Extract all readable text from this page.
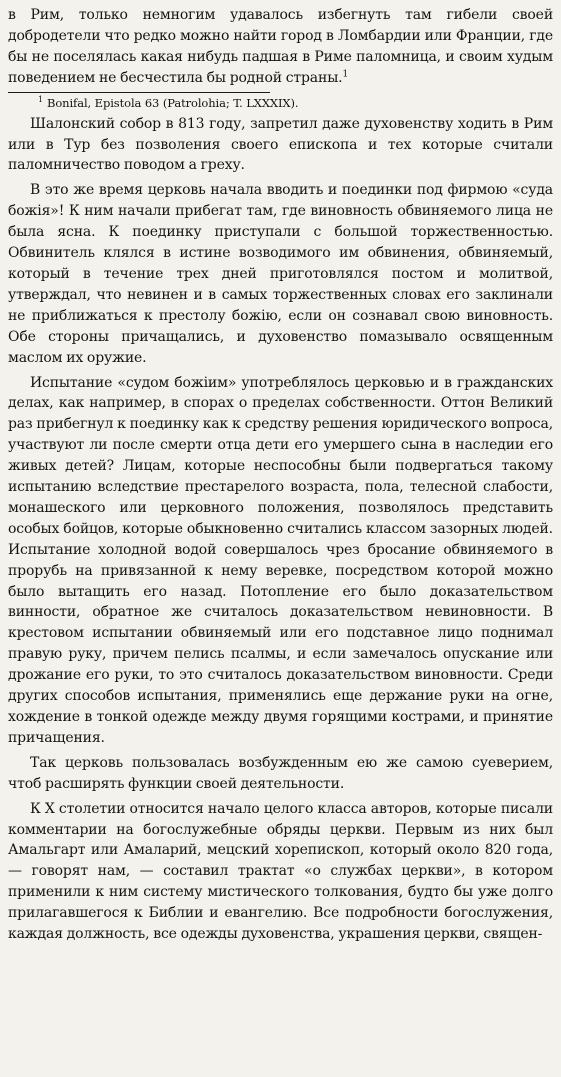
в Рим, только немногим удавалось избегнуть там гибели своей добродетели что редко можно найти город в Ломбардии или Франции, где бы не поселялась какая нибудь падшая в Риме паломница, и своим худым поведением не бесчестила бы родной страны.$^1$

$^1$ Bonifal, Epistola 63 (Patrolohia; T. LXXXIX).

Шалонский собор в 813 году, запретил даже духовенству ходить в Рим или в Тур без позволения своего епископа и тех которые считали паломничество поводом а греху.

В это же время церковь начала вводить и поединки под фирмою «суда божія»! К ним начали прибегат там, где виновность обвиняемого лица не была ясна. К поединку приступали с большой торжественностью. Обвинитель клялся в истине возводимого им обвинения, обвиняемый, который в течение трех дней приготовлялся постом и молитвой, утверждал, что невинен и в самых торжественных словах его заклинали не приближаться к престолу божію, если он сознавал свою виновность. Обе стороны причащались, и духовенство помазывало освященным маслом их оружие.

Испытание «судом божіим» употреблялось церковью и в гражданских делах, как например, в спорах о пределах собственности. Оттон Великий раз прибегнул к поединку как к средству решения юридического вопроса, участвуют ли после смерти отца дети его умершего сына в наследии его живых детей? Лицам, которые неспособны были подвергаться такому испытанию вследствие престарелого возраста, пола, телесной слабости, монашеского или церковного положения, позволялось представить особых бойцов, которые обыкновенно считались классом зазорных людей. Испытание холодной водой совершалось чрез бросание обвиняемого в прорубь на привязанной к нему веревке, посредством которой можно было вытащить его назад. Потопление его было доказательством виннoсти, обратное же считалось доказательством невиновности. В крестовом испытании обвиняемый или его подставное лицо поднимал правую руку, причем пелись псалмы, и если замечалось опускание или дрожание его руки, то это считалось доказательством виновности. Среди других способов испытания, применялись еще держание руки на огне, хождение в тонкой одежде между двумя горящими кострами, и принятие причащения.

Так церковь пользовалась возбужденным ею же самою суеверием, чтоб расширять функции своей деятельности.

К Х столетии относится начало целого класса авторов, которые писали комментарии на богослужебные обряды церкви. Первым из них был Амальгарт или Амаларий, мецский хорепископ, который около 820 года, — говорят нам, — составил трактат «о службах церкви», в котором применили к ним систему мистического толкования, будто бы уже долго прилагавшегося к Библии и евангелию. Все подробности богослужения, каждая должность, все одежды духовенства, украшения церкви, священ-
